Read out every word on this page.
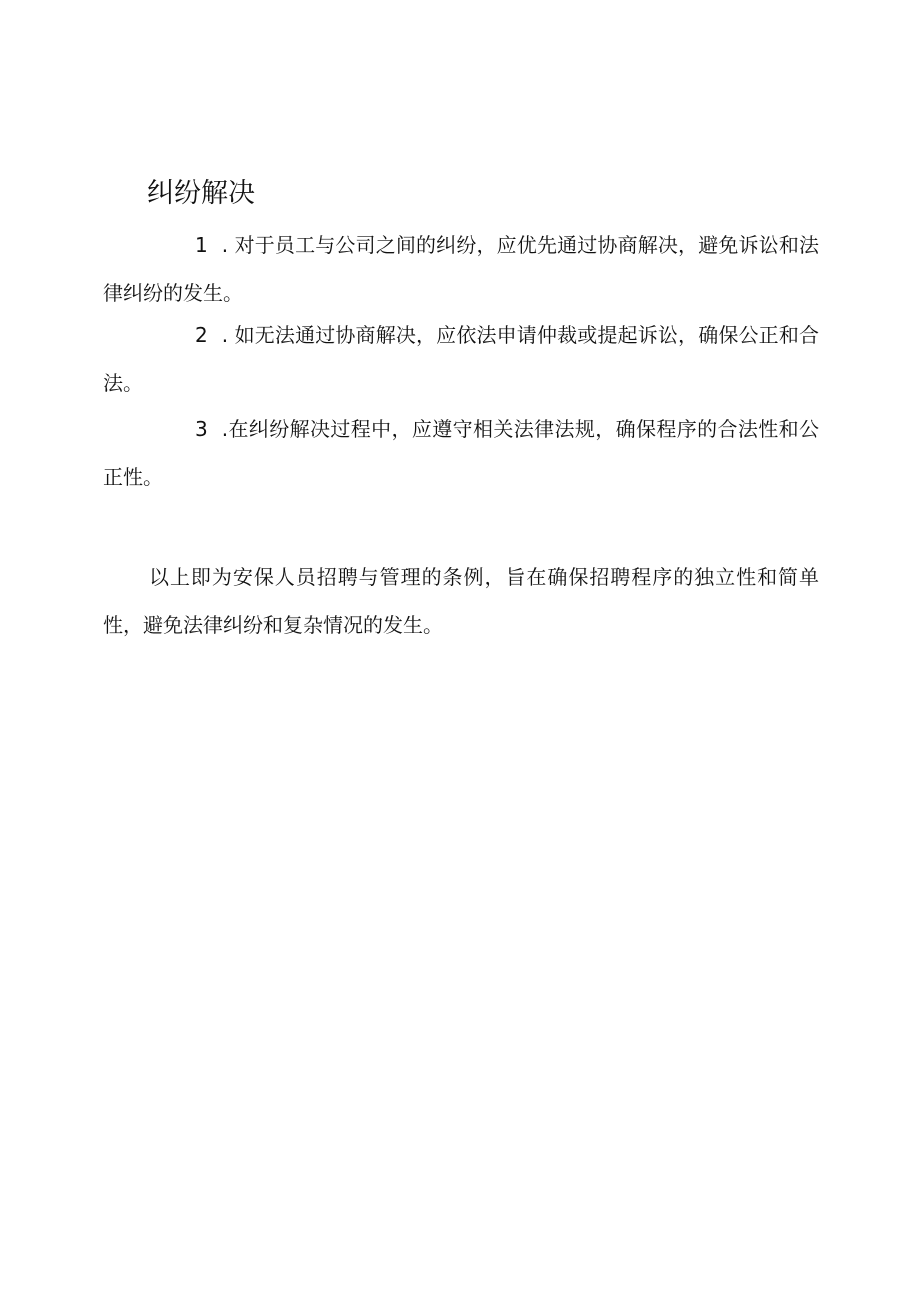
纠纷解决

1 . 对于员工与公司之间的纠纷，应优先通过协商解决，避免诉讼和法律纠纷的发生。

2 . 如无法通过协商解决，应依法申请仲裁或提起诉讼，确保公正和合法。

3 .在纠纷解决过程中，应遵守相关法律法规，确保程序的合法性和公正性。

以上即为安保人员招聘与管理的条例，旨在确保招聘程序的独立性和简单性，避免法律纠纷和复杂情况的发生。
